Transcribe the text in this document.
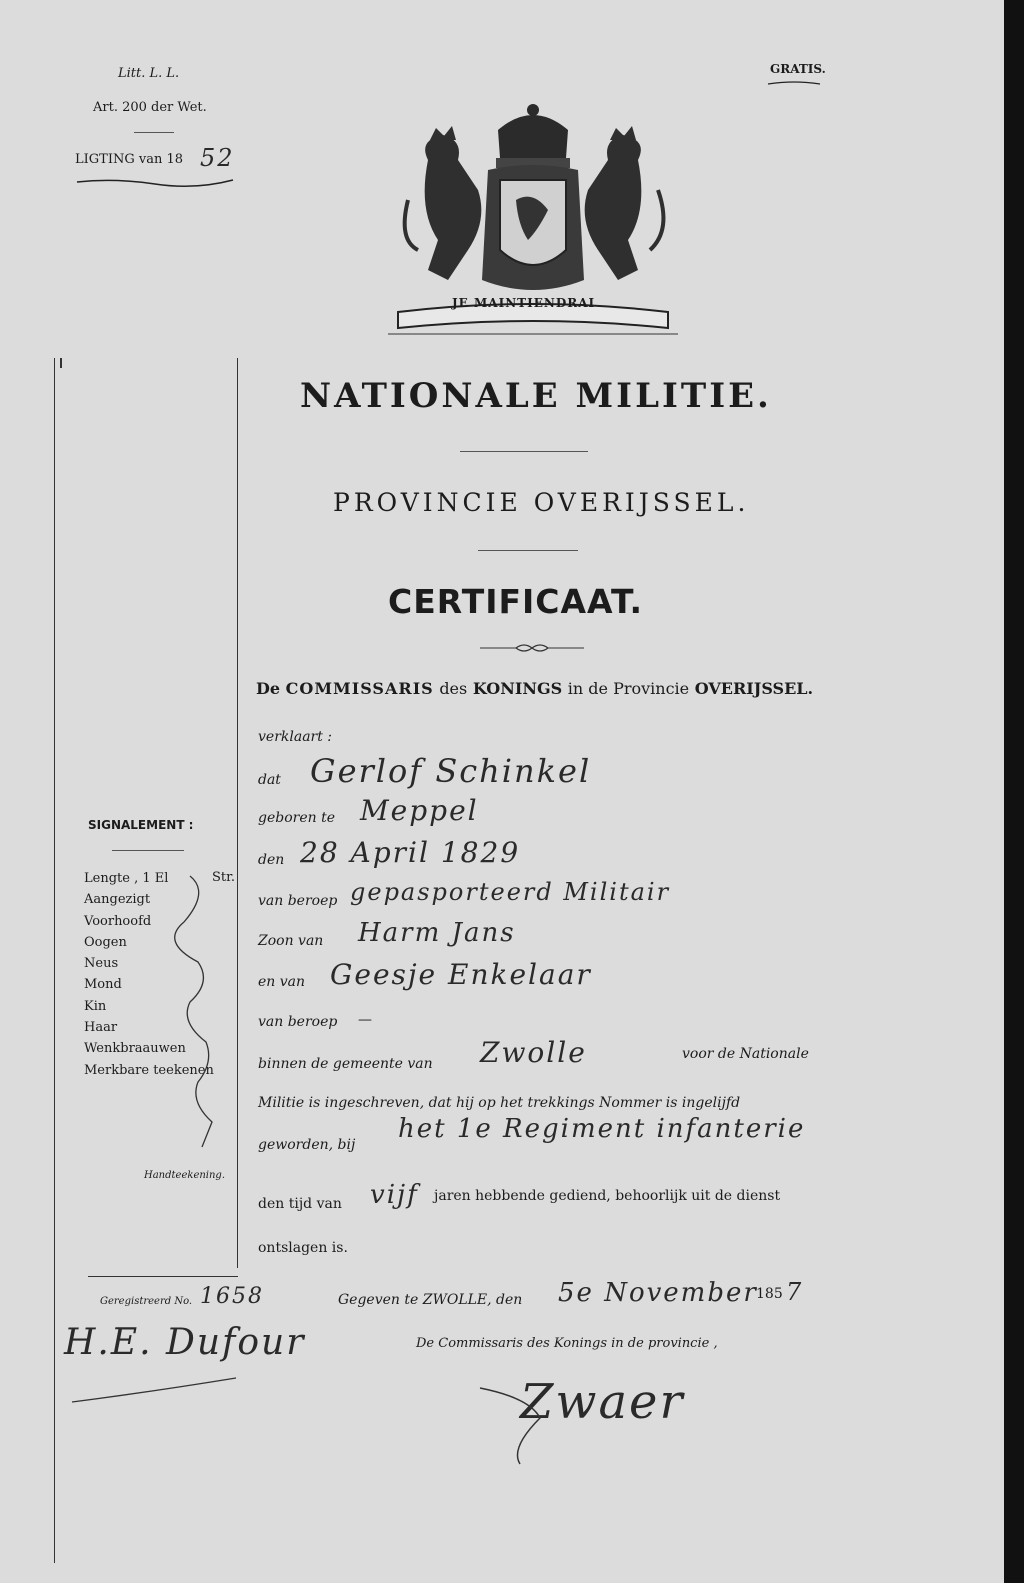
Litt. L. L.
Art. 200 der Wet.
LIGTING van 18 52
GRATIS.
JE MAINTIENDRAI
NATIONALE MILITIE.
PROVINCIE OVERIJSSEL.
CERTIFICAAT.
De COMMISSARIS des KONINGS in de Provincie OVERIJSSEL.
verklaart :
dat Gerlof Schinkel
geboren te Meppel
den 28 April 1829
van beroep gepasporteerd Militair
Zoon van Harm Jans
en van Geesje Enkelaar
van beroep —
binnen de gemeente van Zwolle	voor de Nationale
Militie is ingeschreven, dat hij op het trekkings Nommer is ingelijfd
geworden, bij
het 1e Regiment infanterie
den tijd van vijf jaren hebbende gediend, behoorlijk uit de dienst
ontslagen is.
Gegeven te ZWOLLE, den 5e November
185 7
De Commissaris des Konings in de provincie ,
Zwaer
SIGNALEMENT :
Lengte , 1 El
Aangezigt
Voorhoofd
Oogen
Neus
Mond
Kin
Haar
Wenkbraauwen
Merkbare teekenen
Str.
Handteekening.
Geregistreerd No. 1658
H.E. Dufour
